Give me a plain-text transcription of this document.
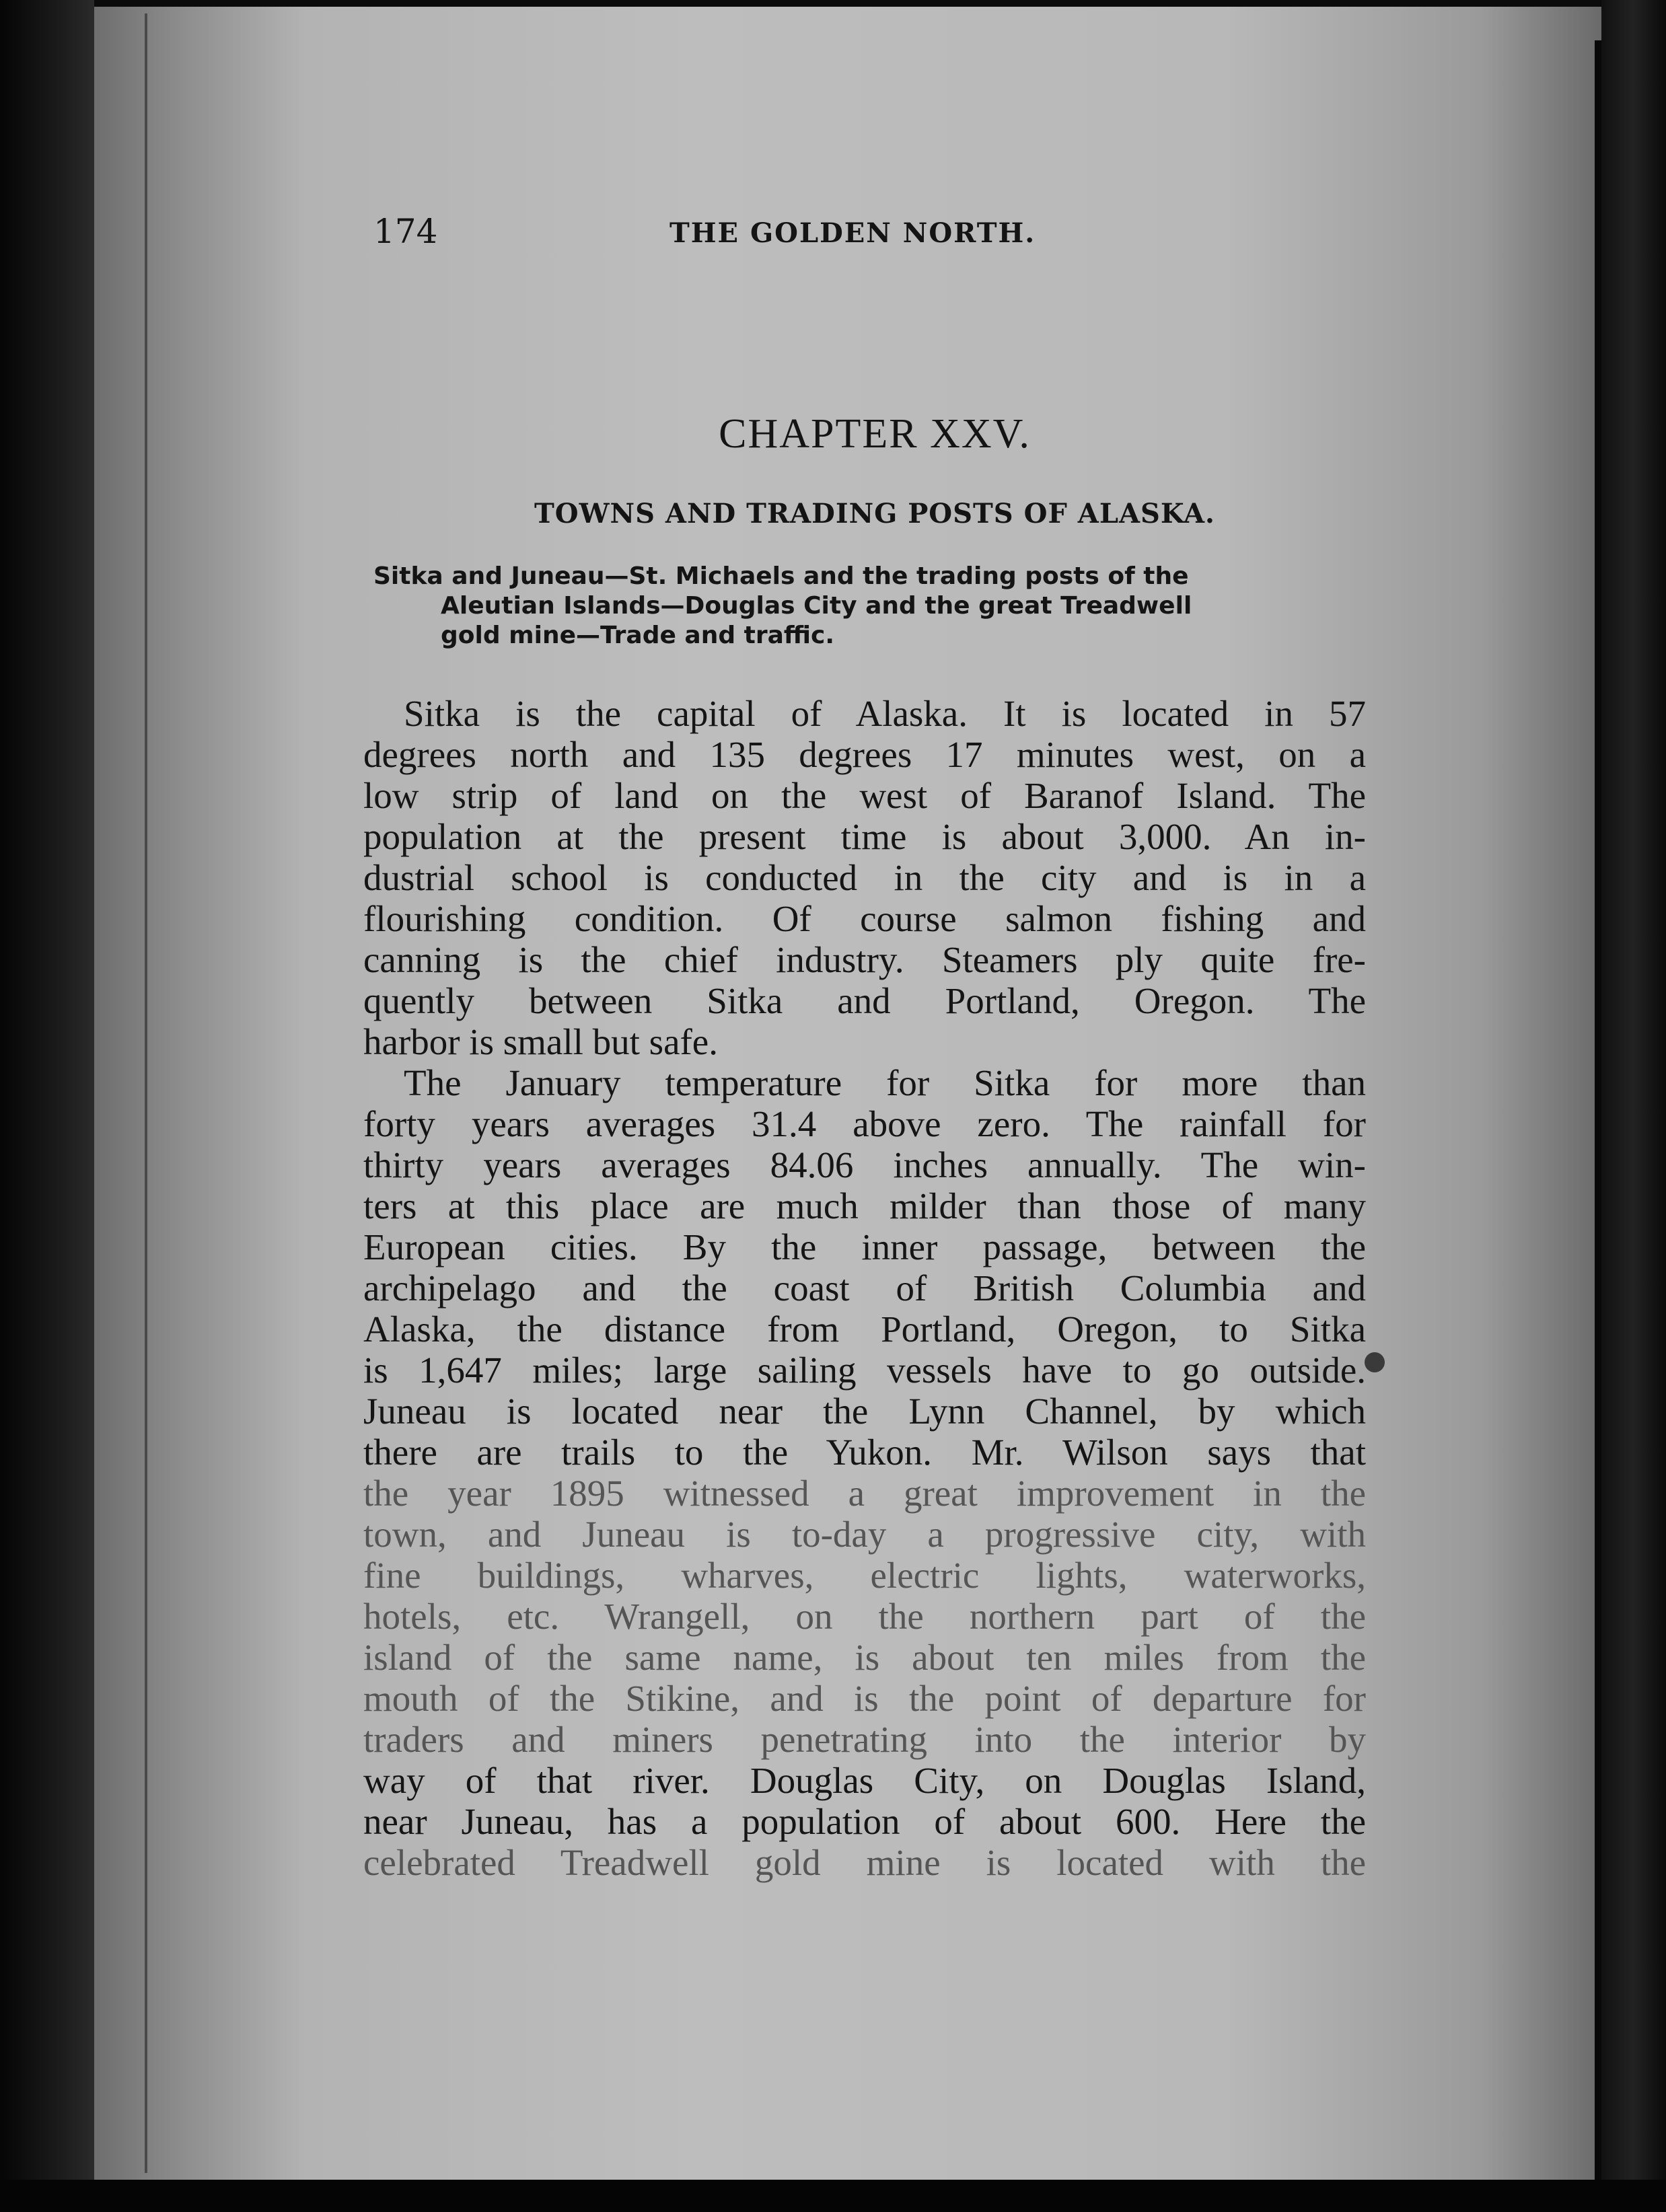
174	THE GOLDEN NORTH.
CHAPTER XXV.
TOWNS AND TRADING POSTS OF ALASKA.
Sitka and Juneau—St. Michaels and the trading posts of the
Aleutian Islands—Douglas City and the great Treadwell
gold mine—Trade and traffic.
Sitka is the capital of Alaska. It is located in 57
degrees north and 135 degrees 17 minutes west, on a
low strip of land on the west of Baranof Island. The
population at the present time is about 3,000. An in-
dustrial school is conducted in the city and is in a
flourishing condition. Of course salmon fishing and
canning is the chief industry. Steamers ply quite fre-
quently between Sitka and Portland, Oregon. The
harbor is small but safe.
The January temperature for Sitka for more than
forty years averages 31.4 above zero. The rainfall for
thirty years averages 84.06 inches annually. The win-
ters at this place are much milder than those of many
European cities. By the inner passage, between the
archipelago and the coast of British Columbia and
Alaska, the distance from Portland, Oregon, to Sitka
is 1,647 miles; large sailing vessels have to go outside.
Juneau is located near the Lynn Channel, by which
there are trails to the Yukon. Mr. Wilson says that
the year 1895 witnessed a great improvement in the
town, and Juneau is to-day a progressive city, with
fine buildings, wharves, electric lights, waterworks,
hotels, etc. Wrangell, on the northern part of the
island of the same name, is about ten miles from the
mouth of the Stikine, and is the point of departure for
traders and miners penetrating into the interior by
way of that river. Douglas City, on Douglas Island,
near Juneau, has a population of about 600. Here the
celebrated Treadwell gold mine is located with the
